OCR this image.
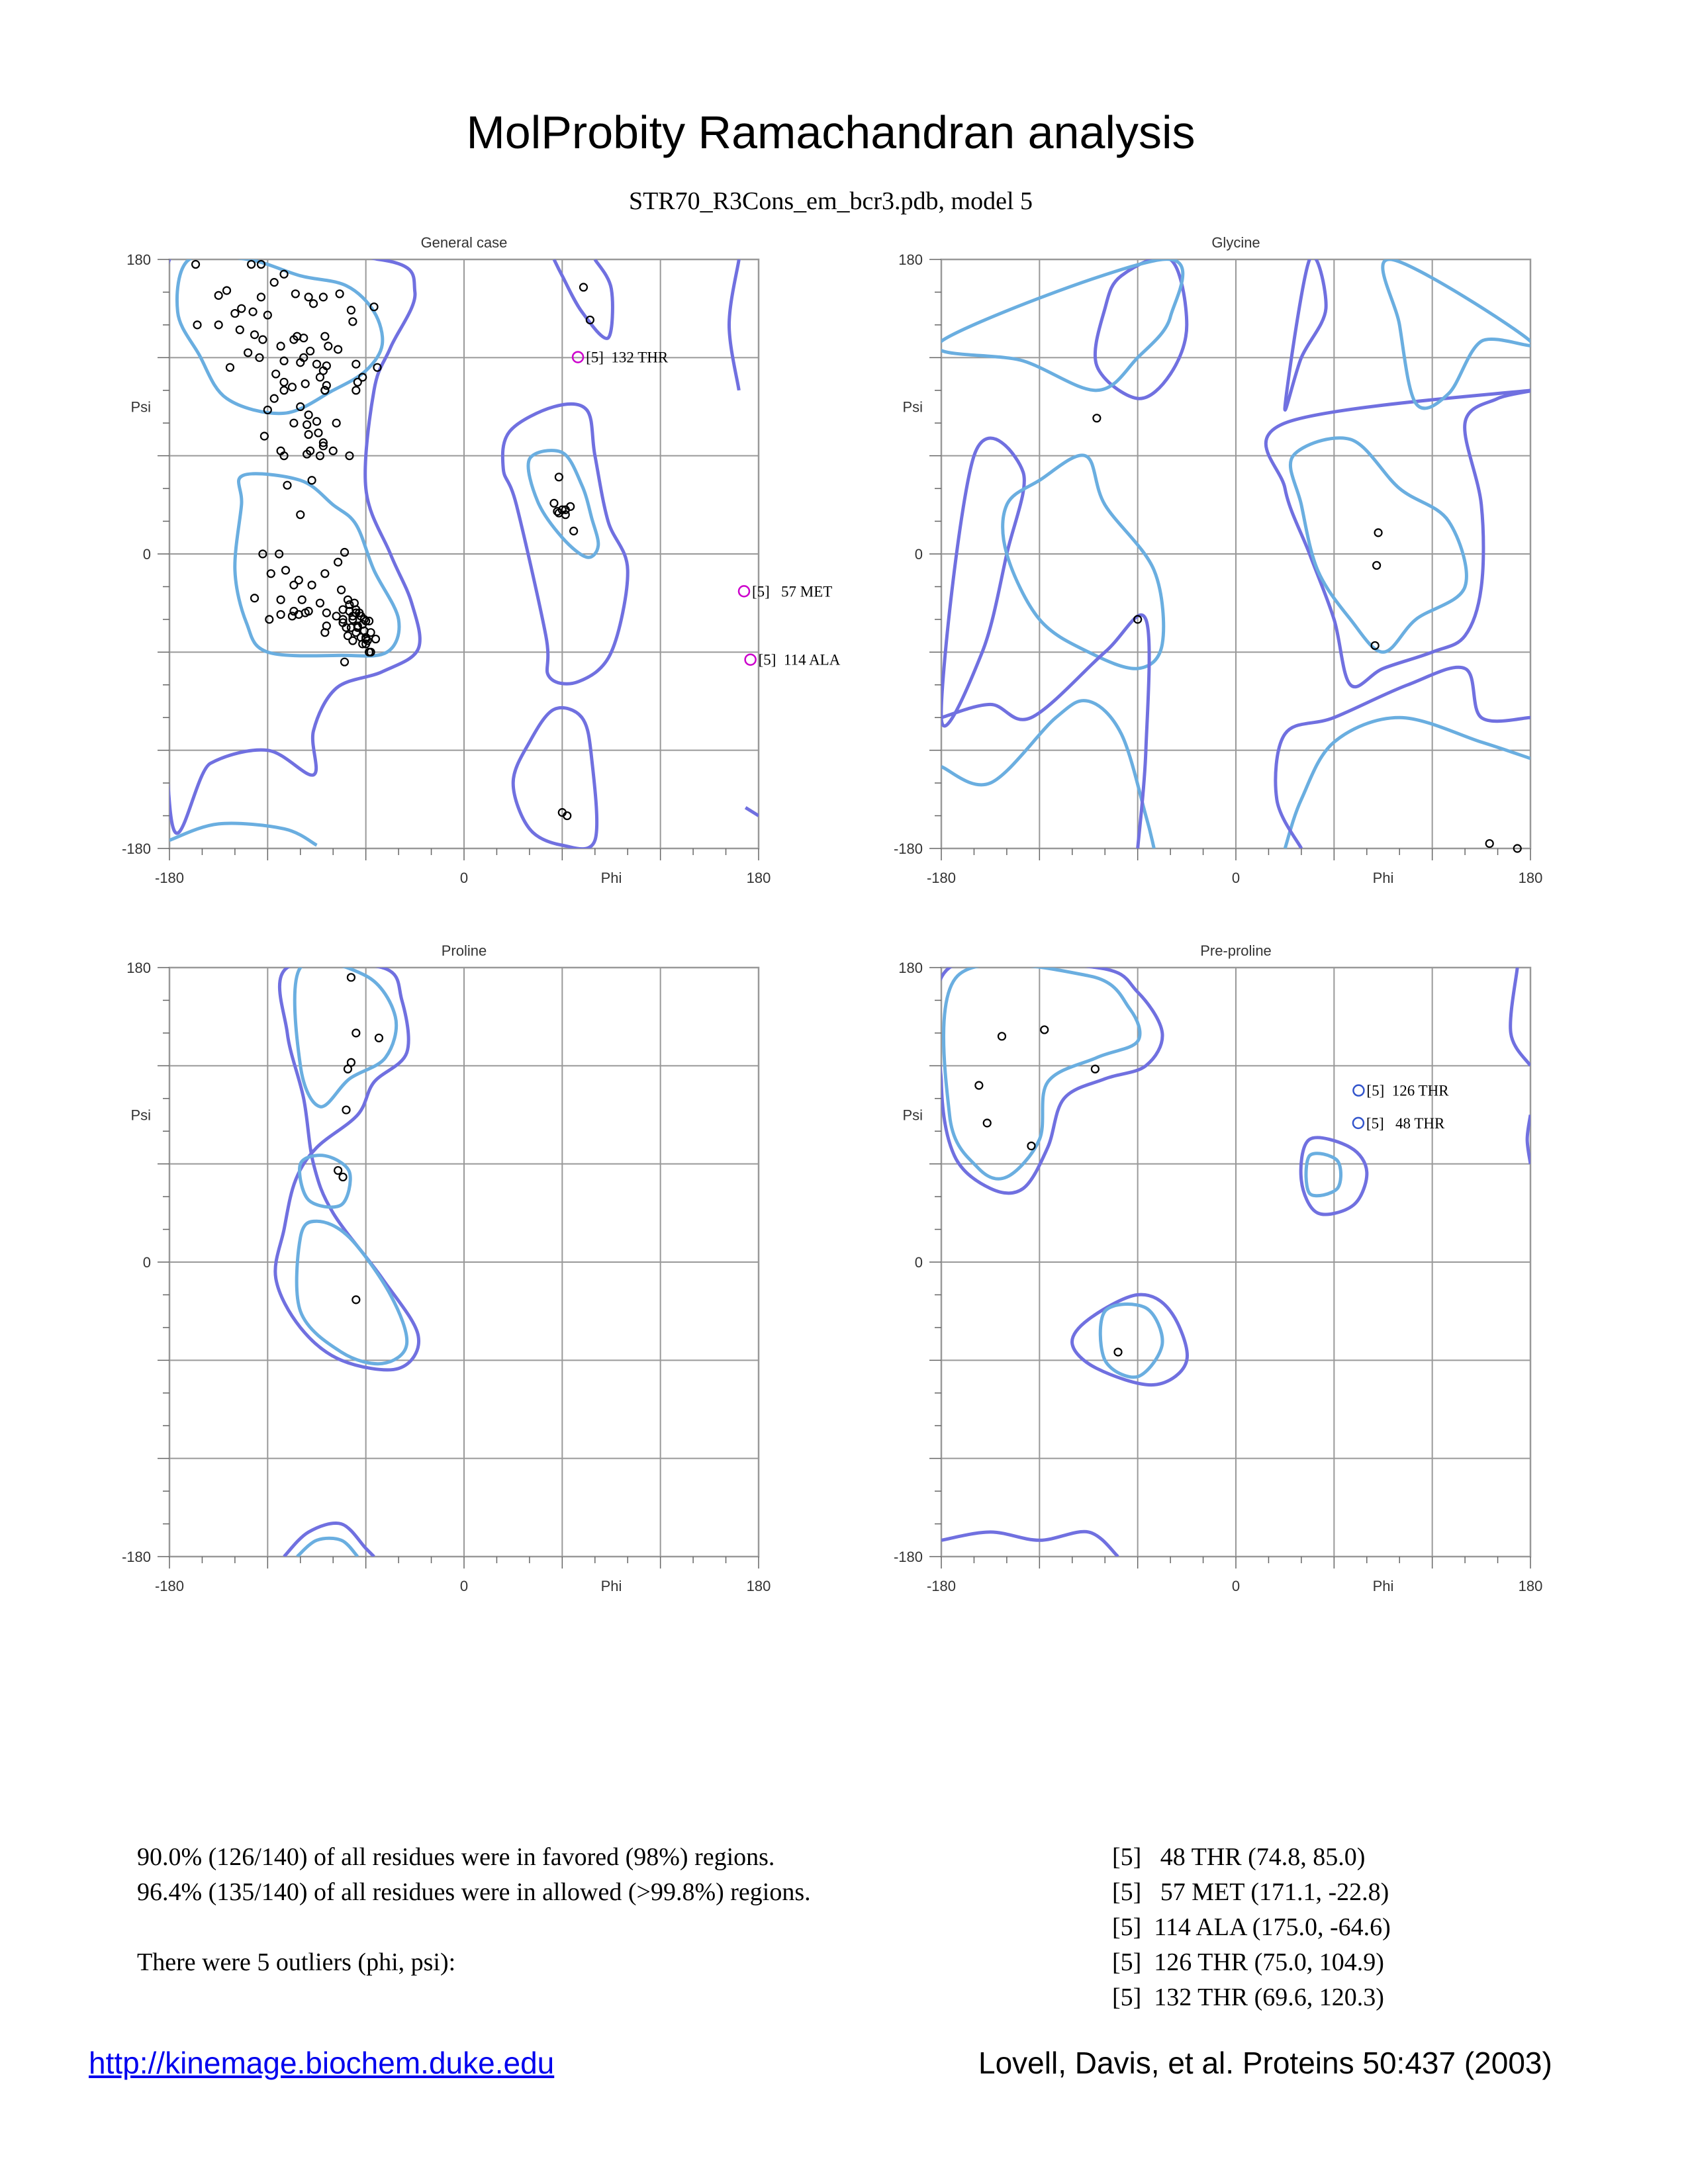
MolProbity Ramachandran analysis
STR70_R3Cons_em_bcr3.pdb, model 5
General case
-180
-180
0
0
180
180
Phi
Psi
[5]  132 THR
[5]   57 MET
[5]  114 ALA
Glycine
-180
-180
0
0
180
180
Phi
Psi
Proline
-180
-180
0
0
180
180
Phi
Psi
Pre-proline
-180
-180
0
0
180
180
Phi
Psi
[5]  126 THR
[5]   48 THR
90.0% (126/140) of all residues were in favored (98%) regions.
96.4% (135/140) of all residues were in allowed (>99.8%) regions.
There were 5 outliers (phi, psi):
[5]   48 THR (74.8, 85.0)
[5]   57 MET (171.1, -22.8)
[5]  114 ALA (175.0, -64.6)
[5]  126 THR (75.0, 104.9)
[5]  132 THR (69.6, 120.3)
http://kinemage.biochem.duke.edu	Lovell, Davis, et al. Proteins 50:437 (2003)
